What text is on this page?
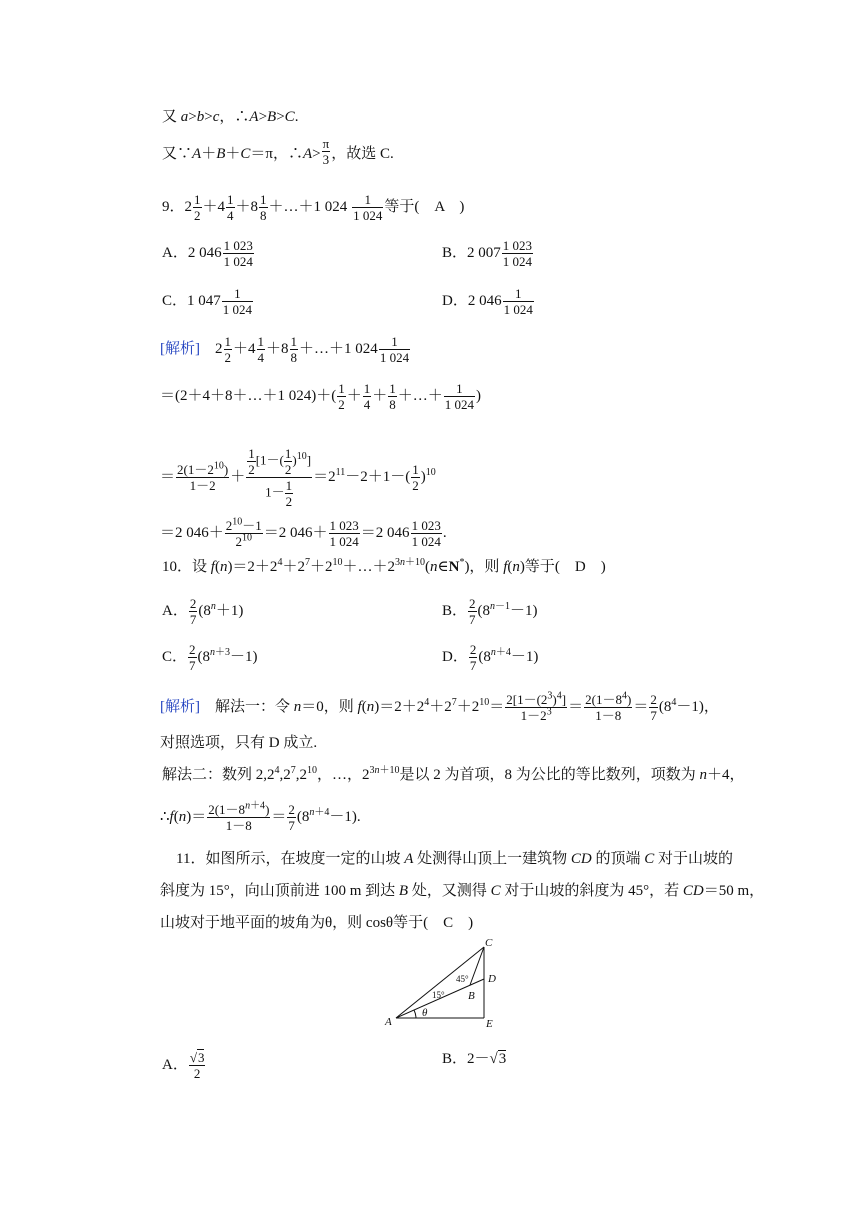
又 a>b>c，∴A>B>C.
又∵A＋B＋C＝π，∴A> $\frac{\pi}{3}$ ，故选 C.
9．$2 \frac{1}{2} +4 \frac{1}{4} +8 \frac{1}{8}$ ＋…＋1 $024 \frac{1}{1 024}$ 等于(　A　)
A．2 $046 \frac{1 023}{1 024}$	B．2 $007 \frac{1 023}{1 024}$
C．1 $047 \frac{1}{1 024}$	D．2 $046 \frac{1}{1 024}$
[解析]　$2 \frac{1}{2} +4 \frac{1}{4} +8 \frac{1}{8}$ ＋…＋1 $024 \frac{1}{1 024}$
＝(2＋4＋8＋…＋1 $024)+( \frac{1}{2} + \frac{1}{4} + \frac{1}{8}$ ＋…＋ $\frac{1}{1 024}$ )
＝ $\frac{2(1-2^{10})}{1-2} + \frac{\frac{1}{2} [1-( \frac{1}{2} )^{10}]}{1- \frac{1}{2}} =2^{11}-2+1-( \frac{1}{2} )^{10}$
＝2 $046+ \frac{2^{10}-1}{2^{10}} =2$ $046+ \frac{1 023}{1 024} =2$ $046 \frac{1 023}{1 024}$ .
10．设 $f(n)=2+2^4+2^7+2^{10}+\dots+2^{3n+10}(n\in N^*)$，则 f(n)等于(　D　)
A． $\frac{2}{7} (8^n+1)$	B． $\frac{2}{7} (8^{n-1}-1)$
C． $\frac{2}{7} (8^{n+3}-1)$	D． $\frac{2}{7} (8^{n+4}-1)$
[解析]　解法一：令 n＝0，则 $f(n)=2+2^4+2^7+2^{10}= \frac{2[1-(2^3)^4]}{1-2^3} = \frac{2(1-8^4)}{1-8} = \frac{2}{7} (8^4-1)$，
对照选项，只有 D 成立.
解法二：数列 $2,2^4,2^7,2^{10}$，…，$2^{3n+10}$是以 2 为首项，8 为公比的等比数列，项数为 n＋4，
∴f(n)＝ $\frac{2(1-8^{n+4})}{1-8} = \frac{2}{7} (8^{n+4}-1)$.
11．如图所示，在坡度一定的山坡 A 处测得山顶上一建筑物 CD 的顶端 C 对于山坡的
斜度为 15°，向山顶前进 100 m 到达 B 处，又测得 C 对于山坡的斜度为 45°，若 CD＝50 m，
山坡对于地平面的坡角为θ，则 cosθ等于(　C　)
C
D
B
A	E
θ
45°
15°
A． $\frac{√3}{2}$	B．2－√3
